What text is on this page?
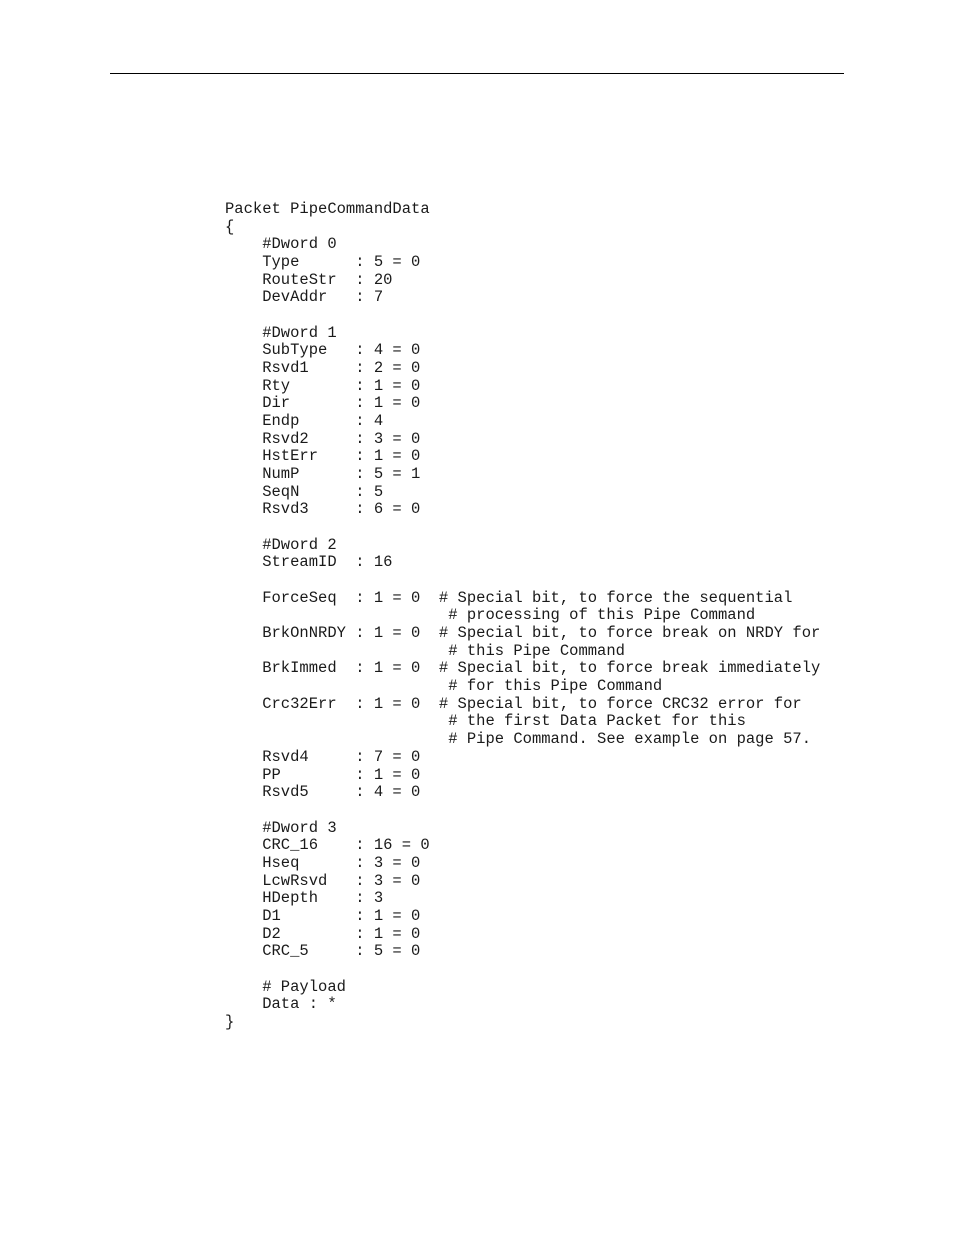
Packet PipeCommandData
{
#Dword 0
Type      : 5 = 0
RouteStr  : 20
DevAddr   : 7
#Dword 1
SubType   : 4 = 0
Rsvd1     : 2 = 0
Rty       : 1 = 0
Dir       : 1 = 0
Endp      : 4
Rsvd2     : 3 = 0
HstErr    : 1 = 0
NumP      : 5 = 1
SeqN      : 5
Rsvd3     : 6 = 0
#Dword 2
StreamID  : 16
ForceSeq  : 1 = 0  # Special bit, to force the sequential
# processing of this Pipe Command
BrkOnNRDY : 1 = 0  # Special bit, to force break on NRDY for
# this Pipe Command
BrkImmed  : 1 = 0  # Special bit, to force break immediately
# for this Pipe Command
Crc32Err  : 1 = 0  # Special bit, to force CRC32 error for
# the first Data Packet for this
# Pipe Command. See example on page 57.
Rsvd4     : 7 = 0
PP        : 1 = 0
Rsvd5     : 4 = 0
#Dword 3
CRC_16    : 16 = 0
Hseq      : 3 = 0
LcwRsvd   : 3 = 0
HDepth    : 3
D1        : 1 = 0
D2        : 1 = 0
CRC_5     : 5 = 0
# Payload
Data : *
}
